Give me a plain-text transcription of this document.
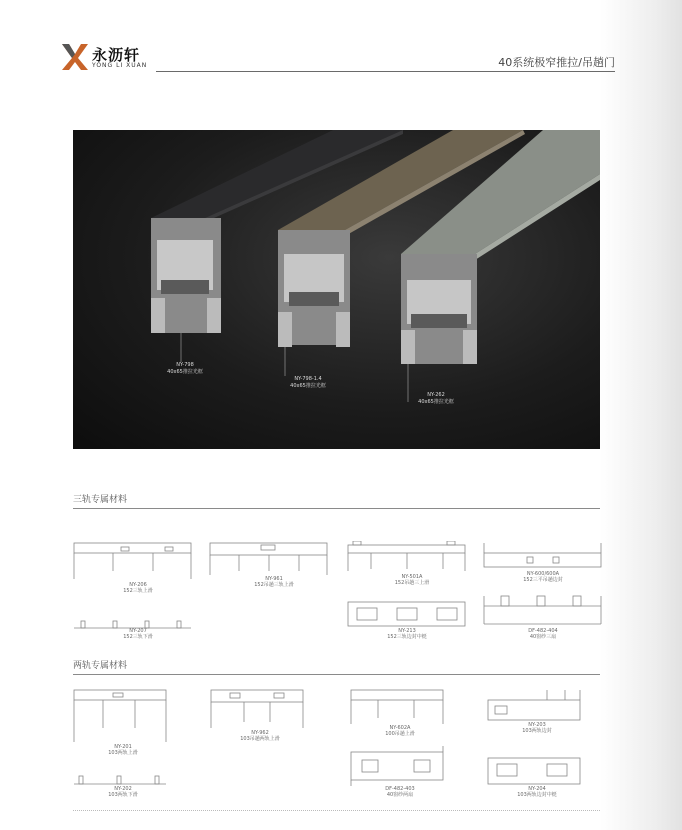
永沥轩
YONG LI XUAN	40系统极窄推拉/吊趟门
NY-798
40x65推拉光框
NY-798-1.4
40x65推拉光框
NY-262
40x65推拉光框
三轨专属材料
NY-206
152三轨上滑
NY-207
152三轨下滑
NY-961
152吊趟三轨上滑
NY-501A
152吊趟三上滑
NY-213
152三轨边封中梃
NY-600/600A
152三平吊趟边封
DF-482-404
40窗纱三扇
两轨专属材料
NY-201
103两轨上滑
NY-202
103两轨下滑
NY-962
103吊趟两轨上滑
NY-602A
100吊趟上滑
DF-482-403
40窗纱两扇
NY-203
103两轨边封
NY-204
103两轨边封中梃
